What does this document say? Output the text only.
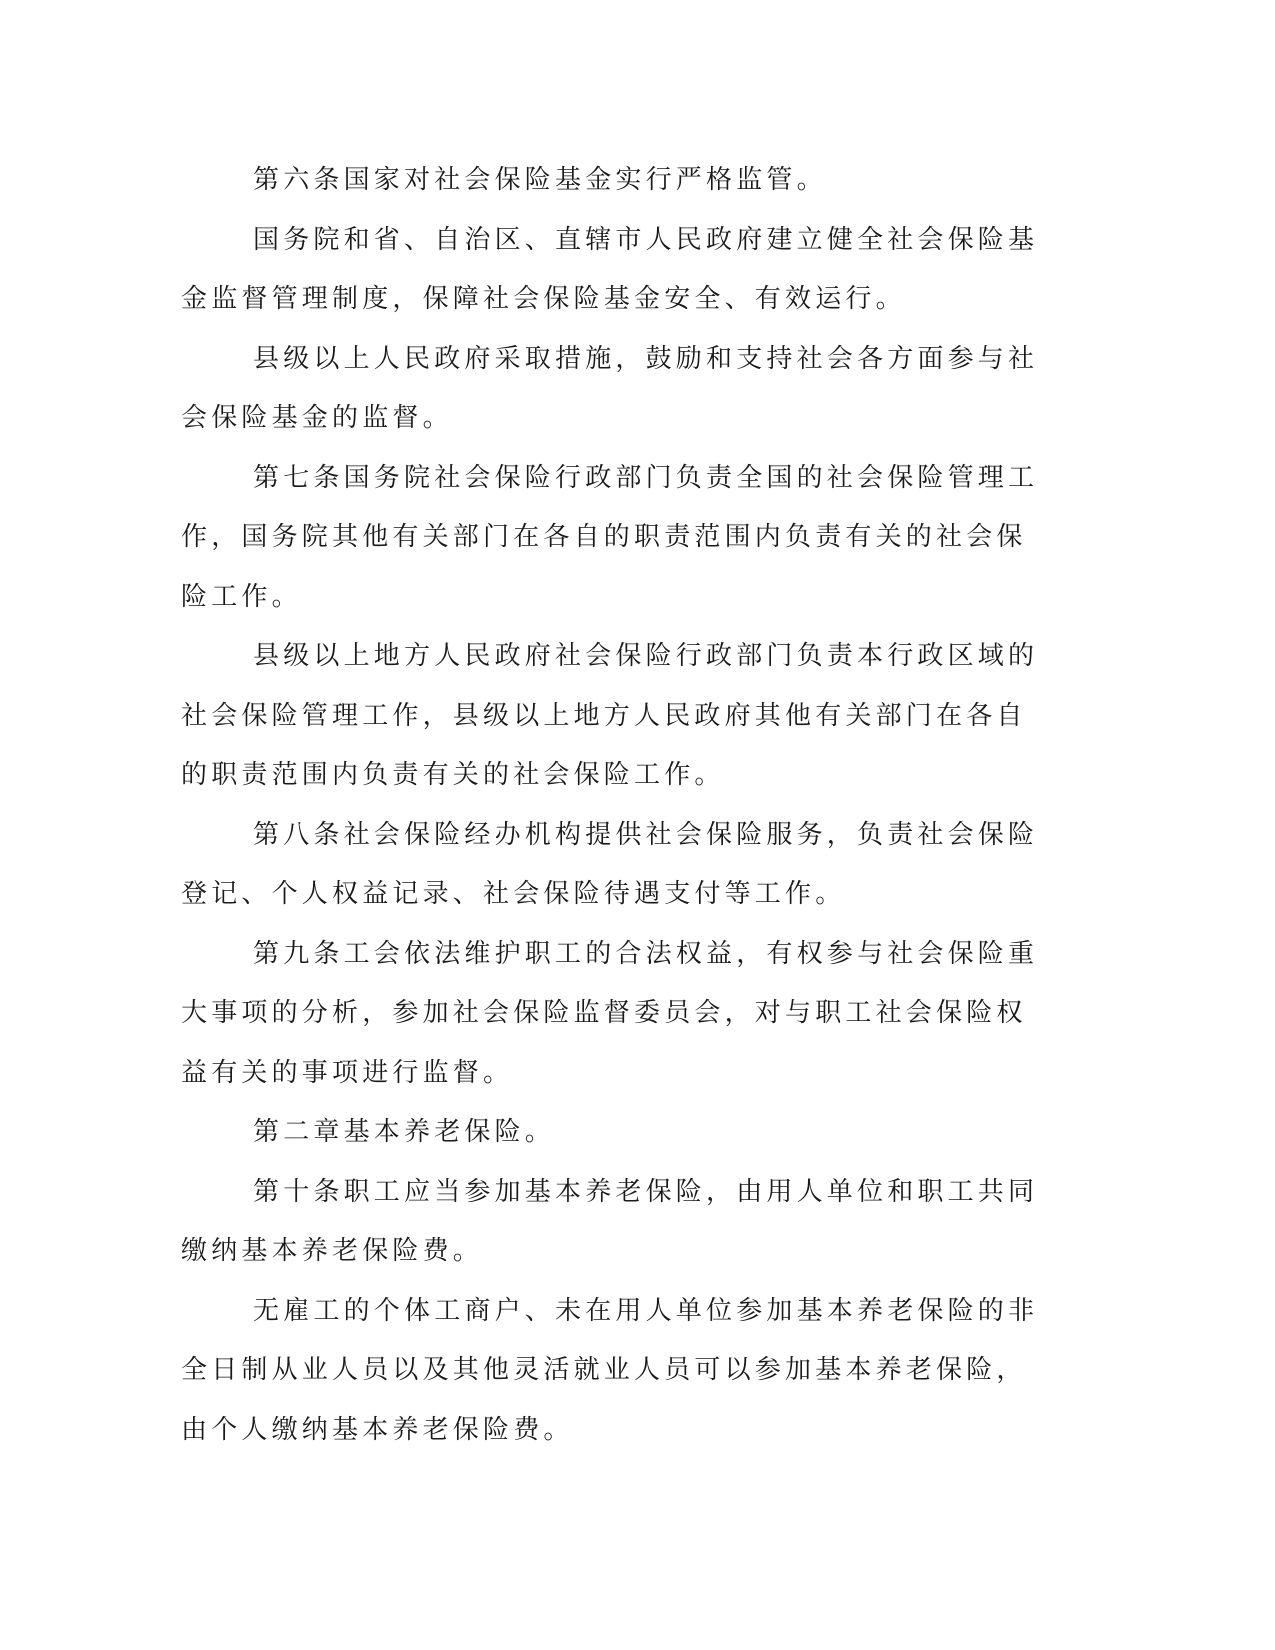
第六条国家对社会保险基金实行严格监管。

国务院和省、自治区、直辖市人民政府建立健全社会保险基金监督管理制度，保障社会保险基金安全、有效运行。

县级以上人民政府采取措施，鼓励和支持社会各方面参与社会保险基金的监督。

第七条国务院社会保险行政部门负责全国的社会保险管理工作，国务院其他有关部门在各自的职责范围内负责有关的社会保险工作。

县级以上地方人民政府社会保险行政部门负责本行政区域的社会保险管理工作，县级以上地方人民政府其他有关部门在各自的职责范围内负责有关的社会保险工作。

第八条社会保险经办机构提供社会保险服务，负责社会保险登记、个人权益记录、社会保险待遇支付等工作。

第九条工会依法维护职工的合法权益，有权参与社会保险重大事项的分析，参加社会保险监督委员会，对与职工社会保险权益有关的事项进行监督。

第二章基本养老保险。

第十条职工应当参加基本养老保险，由用人单位和职工共同缴纳基本养老保险费。

无雇工的个体工商户、未在用人单位参加基本养老保险的非全日制从业人员以及其他灵活就业人员可以参加基本养老保险，由个人缴纳基本养老保险费。
